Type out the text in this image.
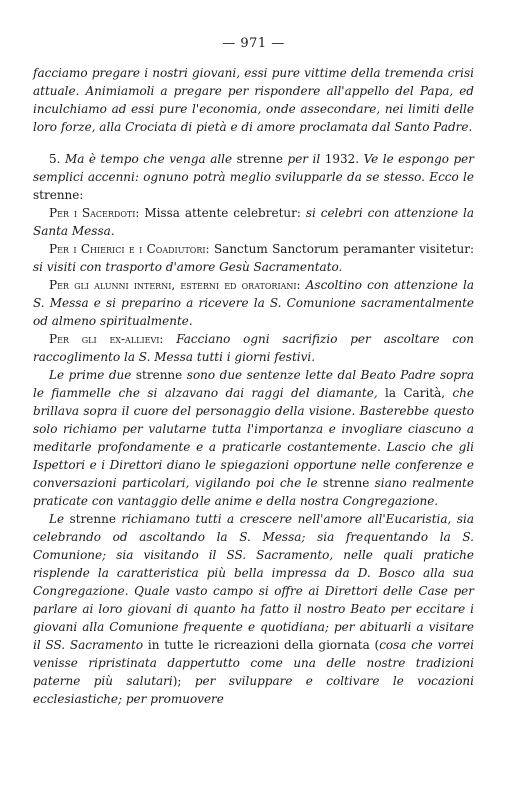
— 971 —

facciamo pregare i nostri giovani, essi pure vittime della tremenda crisi attuale. Animiamoli a pregare per rispondere all'appello del Papa, ed inculchiamo ad essi pure l'economia, onde assecondare, nei limiti delle loro forze, alla Crociata di pietà e di amore proclamata dal Santo Padre.

5. Ma è tempo che venga alle strenne per il 1932. Ve le espongo per semplici accenni: ognuno potrà meglio svilupparle da se stesso. Ecco le strenne:

Per i Sacerdoti: Missa attente celebretur: si celebri con attenzione la Santa Messa.

Per i Chierici e i Coadiutori: Sanctum Sanctorum peramanter visitetur: si visiti con trasporto d'amore Gesù Sacramentato.

Per gli alunni interni, esterni ed oratoriani: Ascoltino con attenzione la S. Messa e si preparino a ricevere la S. Comunione sacramentalmente od almeno spiritualmente.

Per gli ex-allievi: Facciano ogni sacrifizio per ascoltare con raccoglimento la S. Messa tutti i giorni festivi.

Le prime due strenne sono due sentenze lette dal Beato Padre sopra le fiammelle che si alzavano dai raggi del diamante, la Carità, che brillava sopra il cuore del personaggio della visione. Basterebbe questo solo richiamo per valutarne tutta l'importanza e invogliare ciascuno a meditarle profondamente e a praticarle costantemente. Lascio che gli Ispettori e i Direttori diano le spiegazioni opportune nelle conferenze e conversazioni particolari, vigilando poi che le strenne siano realmente praticate con vantaggio delle anime e della nostra Congregazione.

Le strenne richiamano tutti a crescere nell'amore all'Eucaristia, sia celebrando od ascoltando la S. Messa; sia frequentando la S. Comunione; sia visitando il SS. Sacramento, nelle quali pratiche risplende la caratteristica più bella impressa da D. Bosco alla sua Congregazione. Quale vasto campo si offre ai Direttori delle Case per parlare ai loro giovani di quanto ha fatto il nostro Beato per eccitare i giovani alla Comunione frequente e quotidiana; per abituarli a visitare il SS. Sacramento in tutte le ricreazioni della giornata (cosa che vorrei venisse ripristinata dappertutto come una delle nostre tradizioni paterne più salutari); per sviluppare e coltivare le vocazioni ecclesiastiche; per promuovere
